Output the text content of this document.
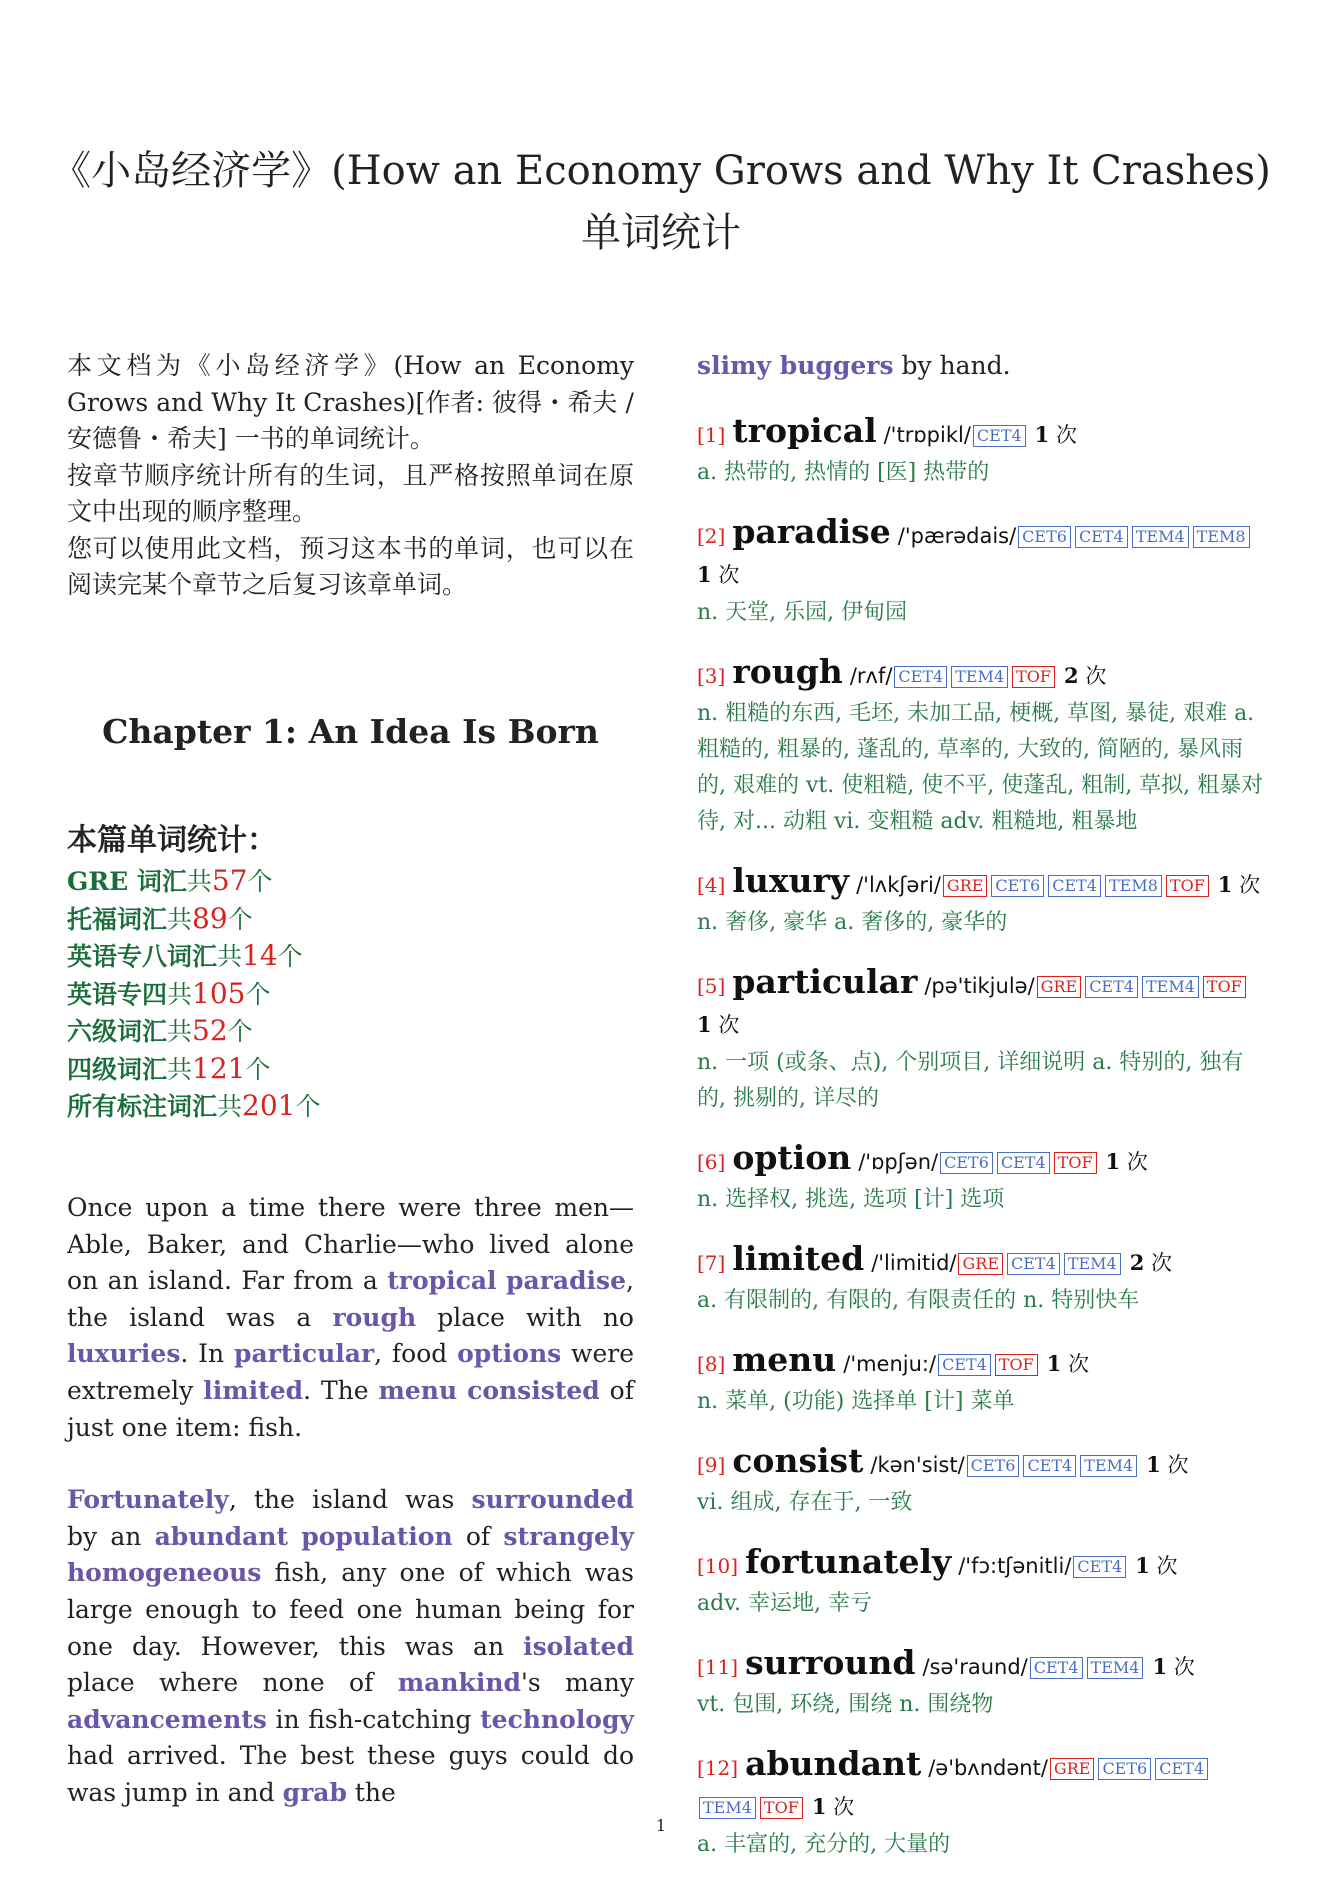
《小岛经济学》(How an Economy Grows and Why It Crashes) 单词统计

本文档为《小岛经济学》(How an Economy Grows and Why It Crashes)[作者: 彼得・希夫 / 安德鲁・希夫] 一书的单词统计。

按章节顺序统计所有的生词，且严格按照单词在原文中出现的顺序整理。

您可以使用此文档，预习这本书的单词，也可以在阅读完某个章节之后复习该章单词。

Chapter 1: An Idea Is Born
本篇单词统计：
GRE 词汇共57个
托福词汇共89个
英语专八词汇共14个
英语专四共105个
六级词汇共52个
四级词汇共121个
所有标注词汇共201个

Once upon a time there were three men—Able, Baker, and Charlie—who lived alone on an island. Far from a tropical paradise, the island was a rough place with no luxuries. In particular, food options were extremely limited. The menu consisted of just one item: fish.

Fortunately, the island was surrounded by an abundant population of strangely homogeneous fish, any one of which was large enough to feed one human being for one day. However, this was an isolated place where none of mankind's many advancements in fish-catching technology had arrived. The best these guys could do was jump in and grab the

slimy buggers by hand.
[1] tropical /'trɒpikl/ CET4 1 次
a. 热带的, 热情的 [医] 热带的
[2] paradise /'pærədais/ CET6 CET4 TEM4 TEM8 1 次
n. 天堂, 乐园, 伊甸园
[3] rough /rʌf/ CET4 TEM4 TOF 2 次
n. 粗糙的东西, 毛坯, 未加工品, 梗概, 草图, 暴徒, 艰难 a. 粗糙的, 粗暴的, 蓬乱的, 草率的, 大致的, 简陋的, 暴风雨的, 艰难的 vt. 使粗糙, 使不平, 使蓬乱, 粗制, 草拟, 粗暴对待, 对... 动粗 vi. 变粗糙 adv. 粗糙地, 粗暴地
[4] luxury /'lʌkʃəri/ GRE CET6 CET4 TEM8 TOF 1 次
n. 奢侈, 豪华 a. 奢侈的, 豪华的
[5] particular /pə'tikjulə/ GRE CET4 TEM4 TOF 1 次
n. 一项 (或条、点), 个别项目, 详细说明 a. 特别的, 独有的, 挑剔的, 详尽的
[6] option /'ɒpʃən/ CET6 CET4 TOF 1 次
n. 选择权, 挑选, 选项 [计] 选项
[7] limited /'limitid/ GRE CET4 TEM4 2 次
a. 有限制的, 有限的, 有限责任的 n. 特别快车
[8] menu /'menju:/ CET4 TOF 1 次
n. 菜单, (功能) 选择单 [计] 菜单
[9] consist /kən'sist/ CET6 CET4 TEM4 1 次
vi. 组成, 存在于, 一致
[10] fortunately /'fɔ:tʃənitli/ CET4 1 次
adv. 幸运地, 幸亏
[11] surround /sə'raund/ CET4 TEM4 1 次
vt. 包围, 环绕, 围绕 n. 围绕物
[12] abundant /ə'bʌndənt/ GRE CET6 CET4TEM4 TOF 1 次
a. 丰富的, 充分的, 大量的
1
